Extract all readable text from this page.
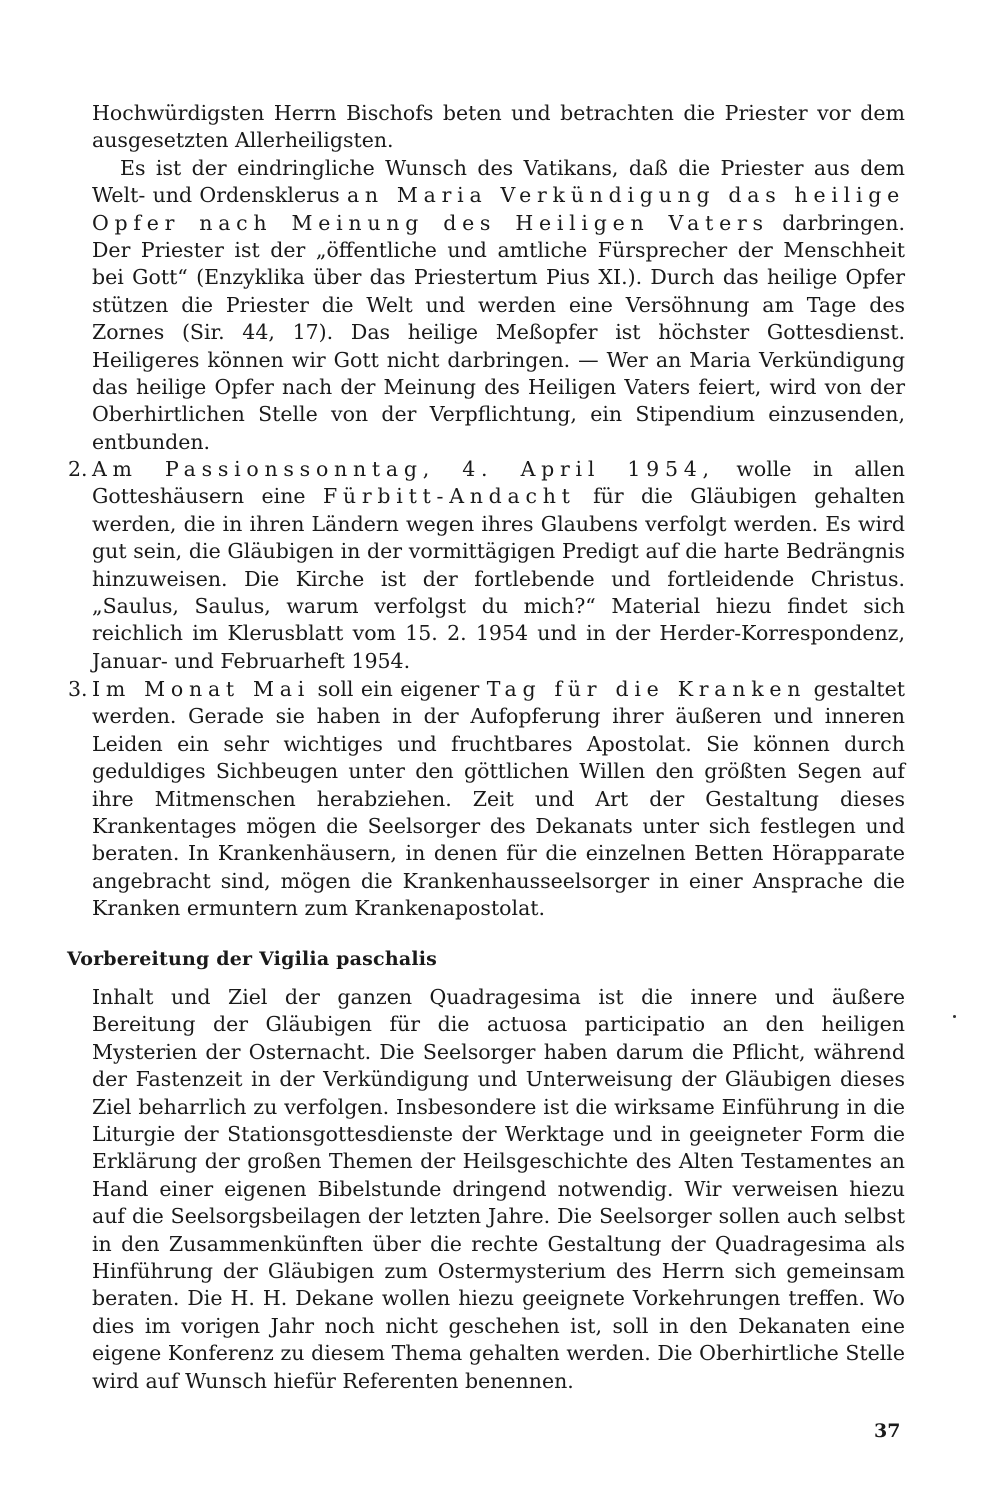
Hochwürdigsten Herrn Bischofs beten und betrachten die Priester vor dem ausgesetzten Allerheiligsten.

Es ist der eindringliche Wunsch des Vatikans, daß die Priester aus dem Welt- und Ordensklerus an Maria Verkündigung das heilige Opfer nach Meinung des Heiligen Vaters darbringen. Der Priester ist der „öffentliche und amtliche Fürsprecher der Menschheit bei Gott“ (Enzyklika über das Priestertum Pius XI.). Durch das heilige Opfer stützen die Priester die Welt und werden eine Versöhnung am Tage des Zornes (Sir. 44, 17). Das heilige Meßopfer ist höchster Gottesdienst. Heiligeres können wir Gott nicht darbringen. — Wer an Maria Verkündigung das heilige Opfer nach der Meinung des Heiligen Vaters feiert, wird von der Oberhirtlichen Stelle von der Verpflichtung, ein Stipendium einzusenden, entbunden.

2. Am Passionssonntag, 4. April 1954, wolle in allen Gotteshäusern eine Fürbitt-Andacht für die Gläubigen gehalten werden, die in ihren Ländern wegen ihres Glaubens verfolgt werden. Es wird gut sein, die Gläubigen in der vormittägigen Predigt auf die harte Bedrängnis hinzuweisen. Die Kirche ist der fortlebende und fortleidende Christus. „Saulus, Saulus, warum verfolgst du mich?“ Material hiezu findet sich reichlich im Klerusblatt vom 15. 2. 1954 und in der Herder-Korrespondenz, Januar- und Februarheft 1954.

3. Im Monat Mai soll ein eigener Tag für die Kranken gestaltet werden. Gerade sie haben in der Aufopferung ihrer äußeren und inneren Leiden ein sehr wichtiges und fruchtbares Apostolat. Sie können durch geduldiges Sichbeugen unter den göttlichen Willen den größten Segen auf ihre Mitmenschen herabziehen. Zeit und Art der Gestaltung dieses Krankentages mögen die Seelsorger des Dekanats unter sich festlegen und beraten. In Krankenhäusern, in denen für die einzelnen Betten Hörapparate angebracht sind, mögen die Krankenhausseelsorger in einer Ansprache die Kranken ermuntern zum Krankenapostolat.

Vorbereitung der Vigilia paschalis

Inhalt und Ziel der ganzen Quadragesima ist die innere und äußere Bereitung der Gläubigen für die actuosa participatio an den heiligen Mysterien der Osternacht. Die Seelsorger haben darum die Pflicht, während der Fastenzeit in der Verkündigung und Unterweisung der Gläubigen dieses Ziel beharrlich zu verfolgen. Insbesondere ist die wirksame Einführung in die Liturgie der Stationsgottesdienste der Werktage und in geeigneter Form die Erklärung der großen Themen der Heilsgeschichte des Alten Testamentes an Hand einer eigenen Bibelstunde dringend notwendig. Wir verweisen hiezu auf die Seelsorgsbeilagen der letzten Jahre. Die Seelsorger sollen auch selbst in den Zusammenkünften über die rechte Gestaltung der Quadragesima als Hinführung der Gläubigen zum Ostermysterium des Herrn sich gemeinsam beraten. Die H. H. Dekane wollen hiezu geeignete Vorkehrungen treffen. Wo dies im vorigen Jahr noch nicht geschehen ist, soll in den Dekanaten eine eigene Konferenz zu diesem Thema gehalten werden. Die Oberhirtliche Stelle wird auf Wunsch hiefür Referenten benennen.

37
